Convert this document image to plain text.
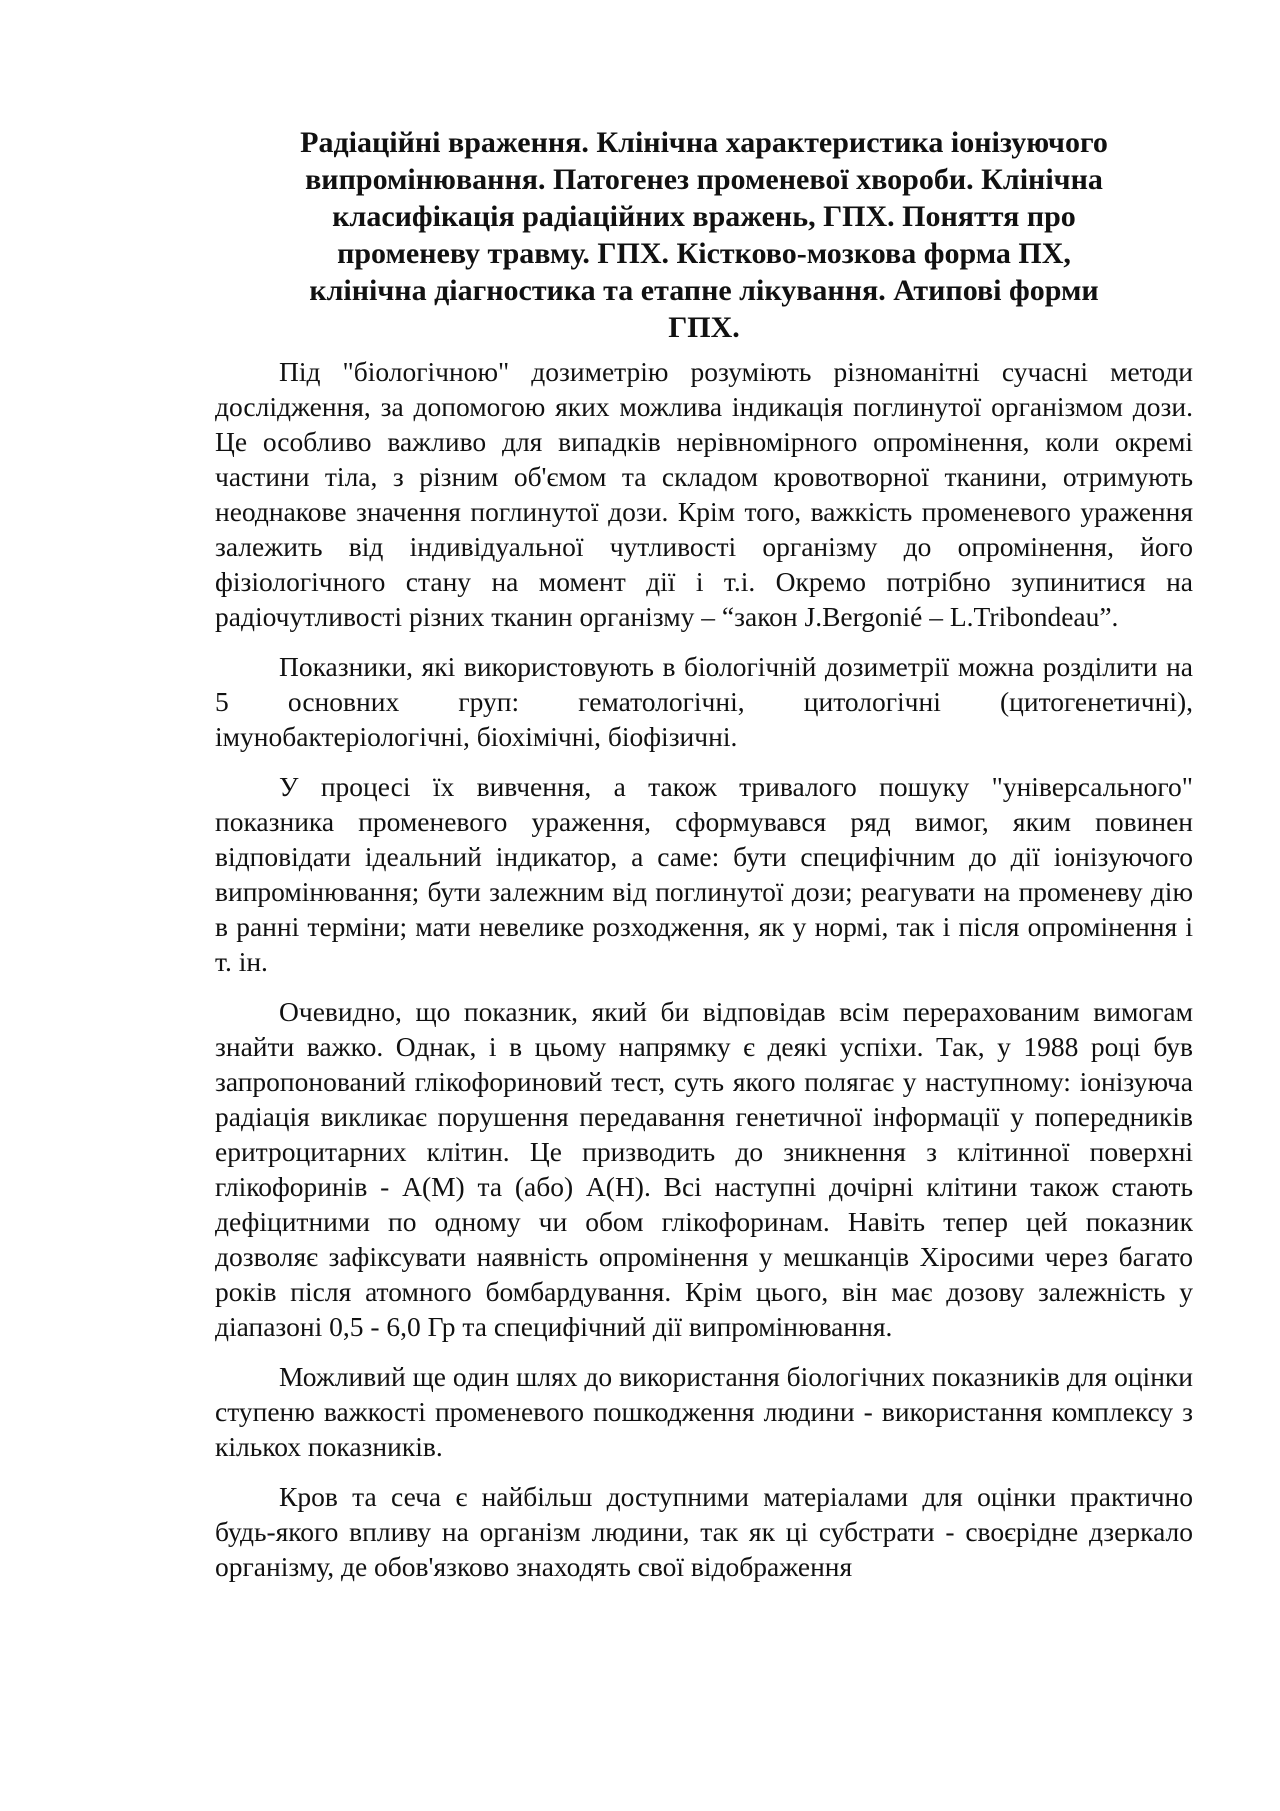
Радіаційні враження. Клінічна характеристика іонізуючого
випромінювання. Патогенез променевої хвороби. Клінічна
класифікація радіаційних вражень, ГПХ. Поняття про
променеву травму. ГПХ. Кістково-мозкова форма ПХ,
клінічна діагностика та етапне лікування. Атипові форми
ГПХ.

Під "біологічною" дозиметрію розуміють різноманітні сучасні методи дослідження, за допомогою яких можлива індикація поглинутої організмом дози. Це особливо важливо для випадків нерівномірного опромінення, коли окремі частини тіла, з різним об'ємом та складом кровотворної тканини, отримують неоднакове значення поглинутої дози. Крім того, важкість променевого ураження залежить від індивідуальної чутливості організму до опромінення, його фізіологічного стану на момент дії і т.і. Окремо потрібно зупинитися на радіочутливості різних тканин організму – “закон J.Bergonié – L.Tribondeau”.

Показники, які використовують в біологічній дозиметрії можна розділити на 5 основних груп: гематологічні, цитологічні (цитогенетичні), імунобактеріологічні, біохімічні, біофізичні.

У процесі їх вивчення, а також тривалого пошуку "універсального" показника променевого ураження, сформувався ряд вимог, яким повинен відповідати ідеальний індикатор, а саме: бути специфічним до дії іонізуючого випромінювання; бути залежним від поглинутої дози; реагувати на променеву дію в ранні терміни; мати невелике розходження, як у нормі, так і після опромінення і т. ін.

Очевидно, що показник, який би відповідав всім перерахованим вимогам знайти важко. Однак, і в цьому напрямку є деякі успіхи. Так, у 1988 році був запропонований глікофориновий тест, суть якого полягає у наступному: іонізуюча радіація викликає порушення передавання генетичної інформації у попередників еритроцитарних клітин. Це призводить до зникнення з клітинної поверхні глікофоринів - А(М) та (або) А(Н). Всі наступні дочірні клітини також стають дефіцитними по одному чи обом глікофоринам. Навіть тепер цей показник дозволяє зафіксувати наявність опромінення у мешканців Хіросими через багато років після атомного бомбардування. Крім цього, він має дозову залежність у діапазоні 0,5 - 6,0 Гр та специфічний дії випромінювання.

Можливий ще один шлях до використання біологічних показників для оцінки ступеню важкості променевого пошкодження людини - використання комплексу з кількох показників.

Кров та сеча є найбільш доступними матеріалами для оцінки практично будь-якого впливу на організм людини, так як ці субстрати - своєрідне дзеркало організму, де обов'язково знаходять свої відображення
